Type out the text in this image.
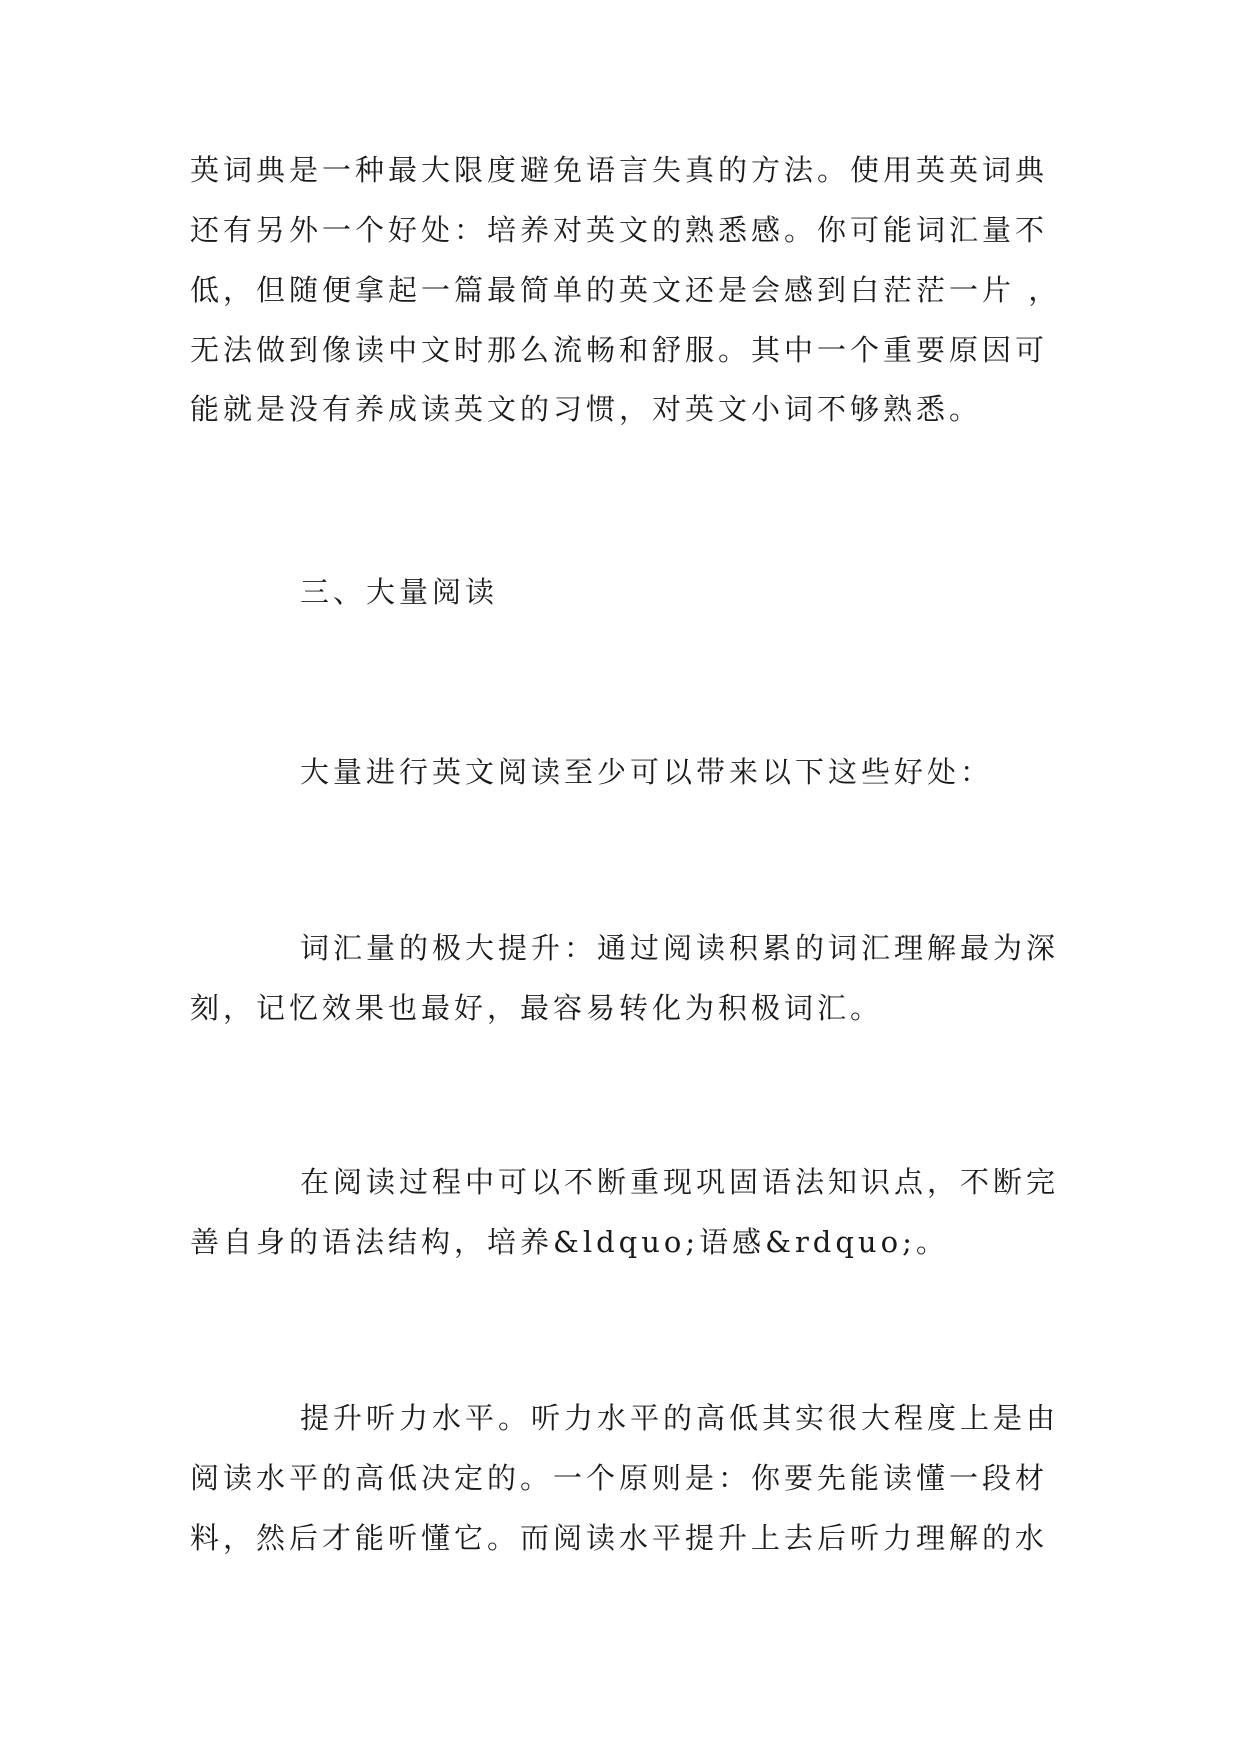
英词典是一种最大限度避免语言失真的方法。使用英英词典

还有另外一个好处：培养对英文的熟悉感。你可能词汇量不

低，但随便拿起一篇最简单的英文还是会感到白茫茫一片 ，

无法做到像读中文时那么流畅和舒服。其中一个重要原因可

能就是没有养成读英文的习惯，对英文小词不够熟悉。

三、大量阅读

大量进行英文阅读至少可以带来以下这些好处：

词汇量的极大提升：通过阅读积累的词汇理解最为深

刻，记忆效果也最好，最容易转化为积极词汇。

在阅读过程中可以不断重现巩固语法知识点，不断完

善自身的语法结构，培养&ldquo;语感&rdquo;。

提升听力水平。听力水平的高低其实很大程度上是由

阅读水平的高低决定的。一个原则是：你要先能读懂一段材

料，然后才能听懂它。而阅读水平提升上去后听力理解的水
